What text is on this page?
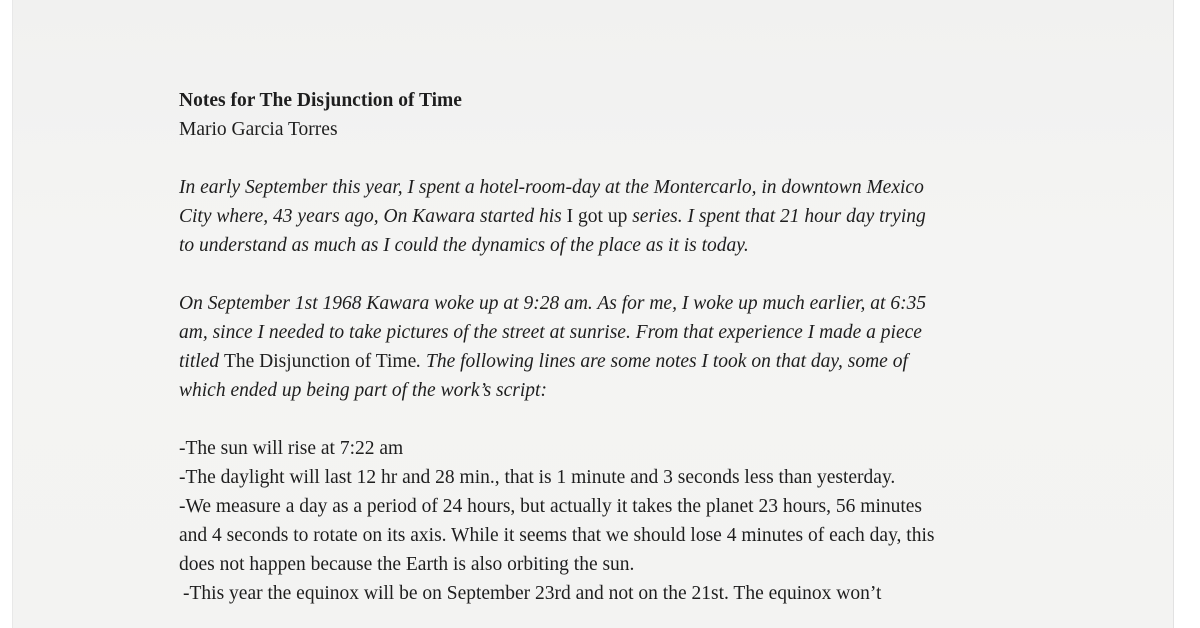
Notes for The Disjunction of Time
Mario Garcia Torres
In early September this year, I spent a hotel-room-day at the Montercarlo, in downtown Mexico
City where, 43 years ago, On Kawara started his I got up series. I spent that 21 hour day trying
to understand as much as I could the dynamics of the place as it is today.
On September 1st 1968 Kawara woke up at 9:28 am. As for me, I woke up much earlier, at 6:35
am, since I needed to take pictures of the street at sunrise. From that experience I made a piece
titled The Disjunction of Time. The following lines are some notes I took on that day, some of
which ended up being part of the work’s script:
-The sun will rise at 7:22 am
-The daylight will last 12 hr and 28 min., that is 1 minute and 3 seconds less than yesterday.
-We measure a day as a period of 24 hours, but actually it takes the planet 23 hours, 56 minutes
and 4 seconds to rotate on its axis. While it seems that we should lose 4 minutes of each day, this
does not happen because the Earth is also orbiting the sun.
-This year the equinox will be on September 23rd and not on the 21st. The equinox won’t
